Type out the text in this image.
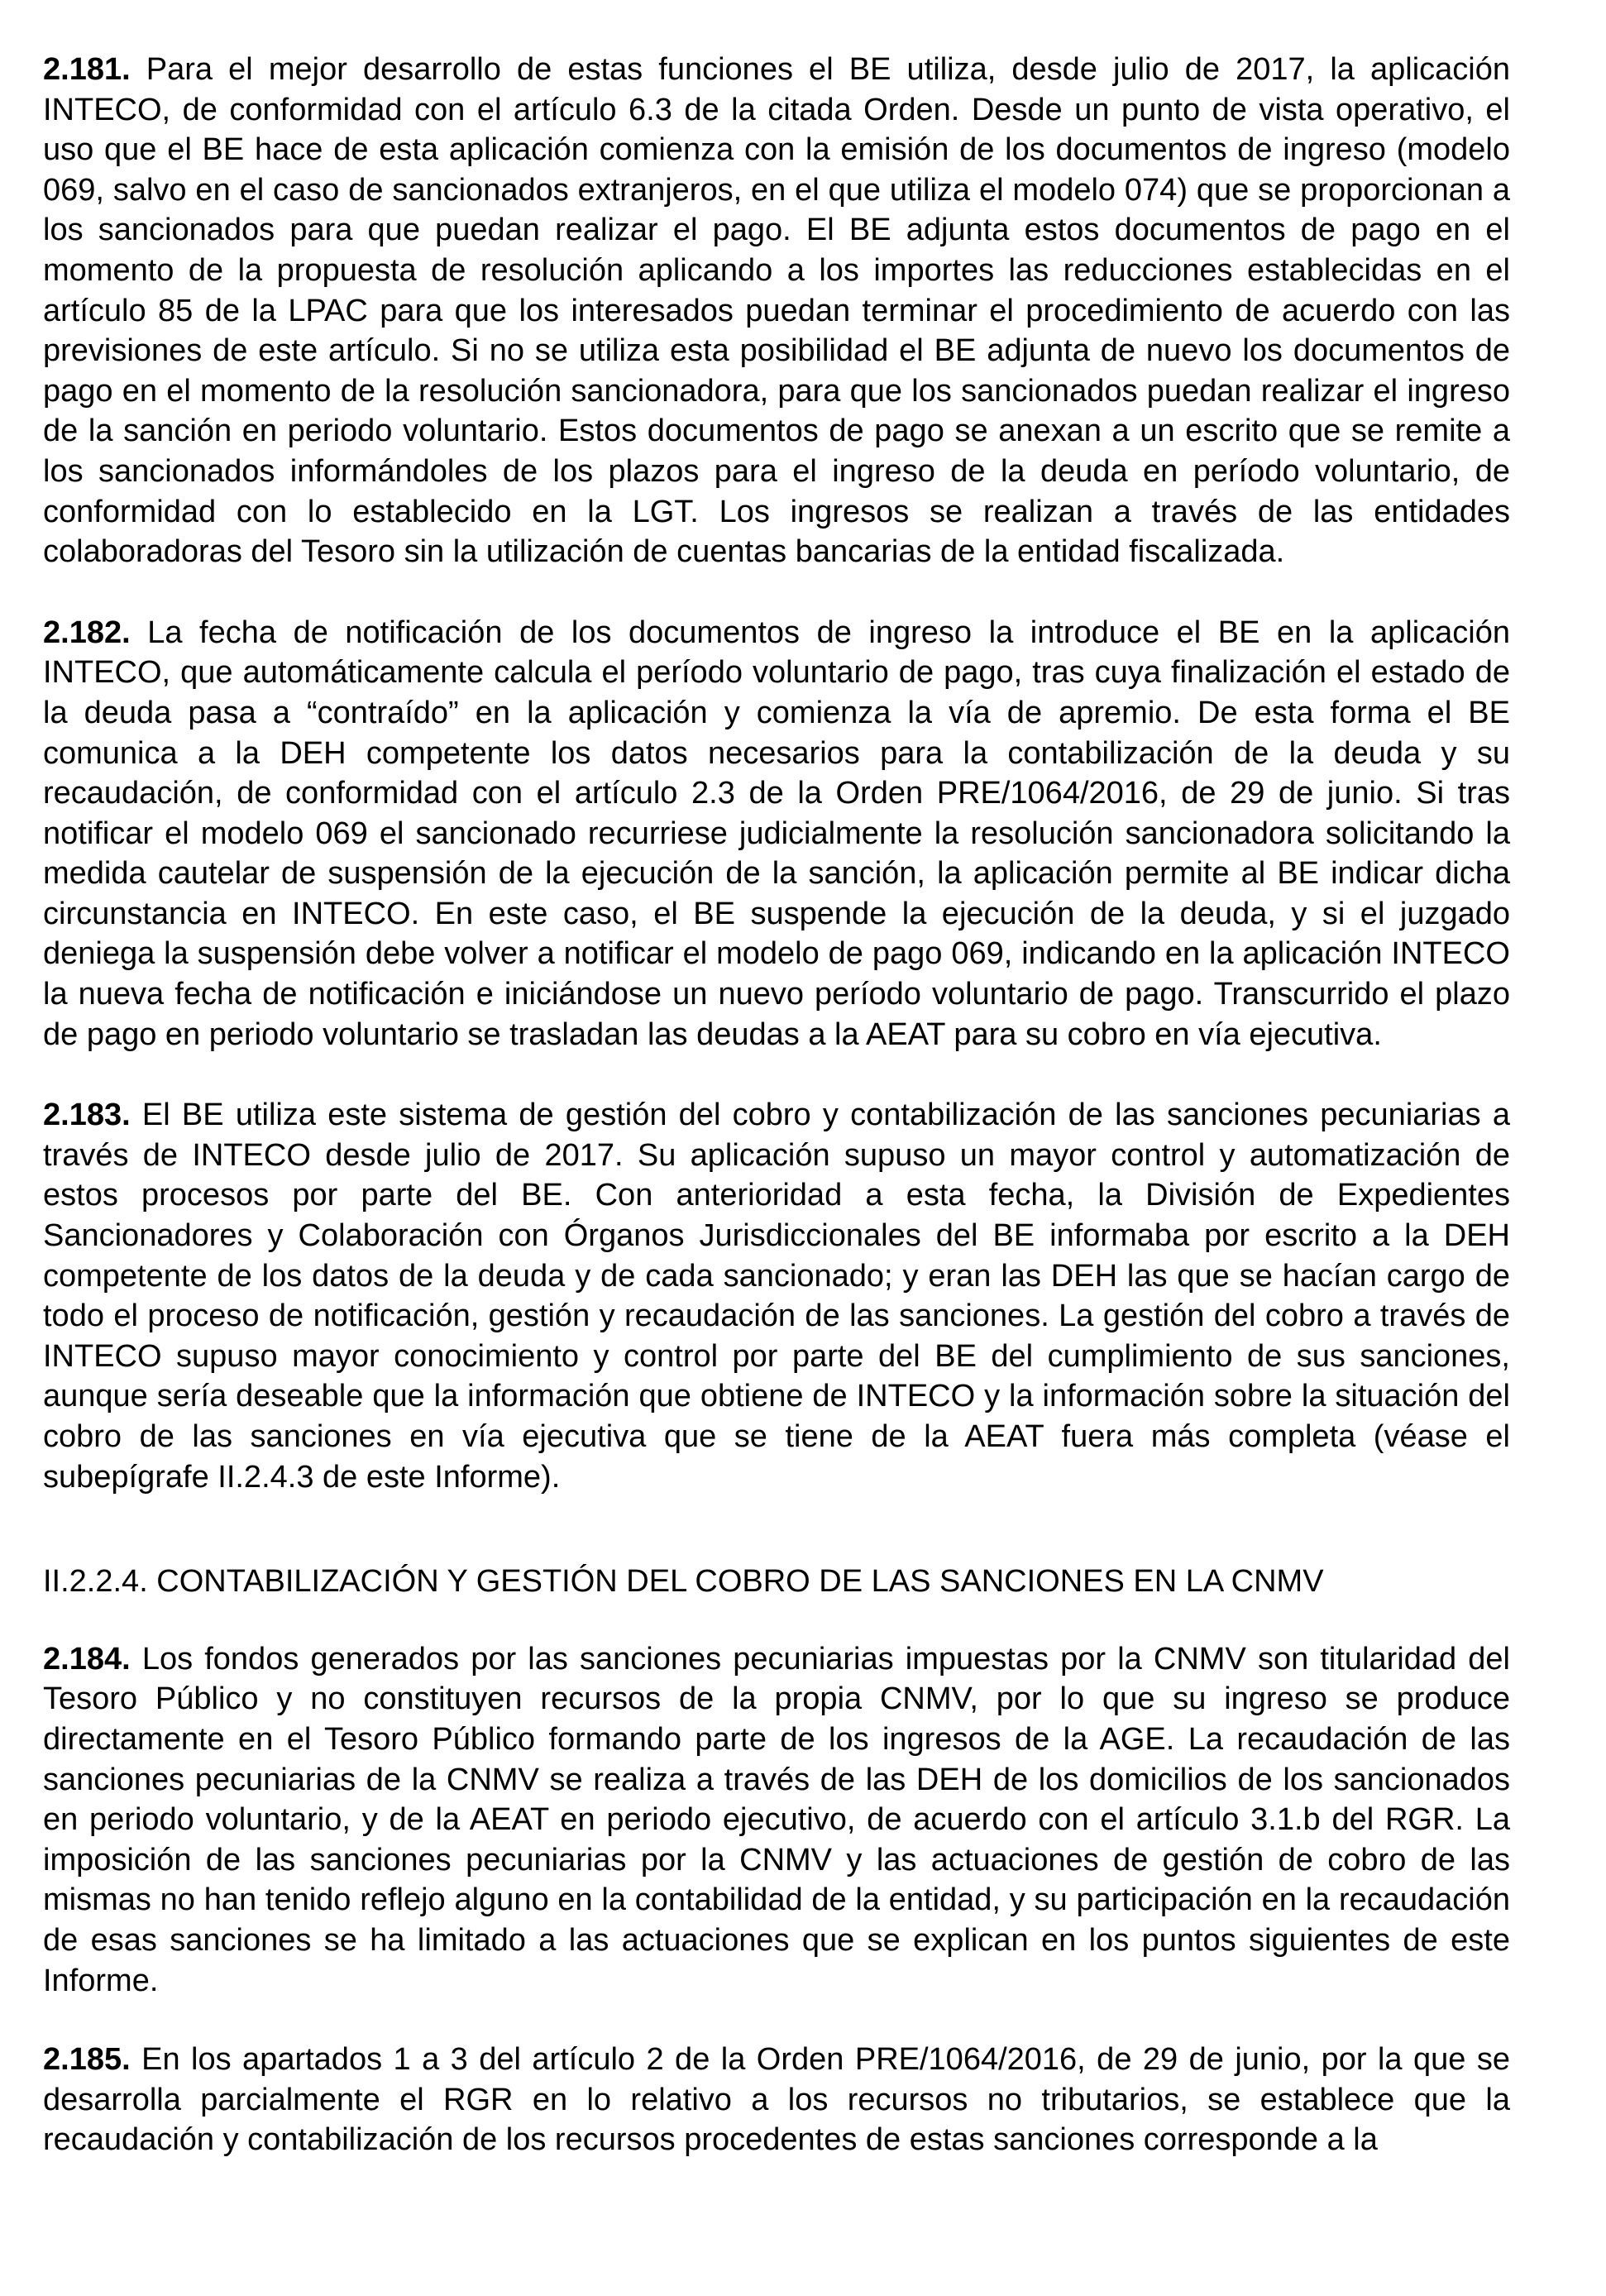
2.181. Para el mejor desarrollo de estas funciones el BE utiliza, desde julio de 2017, la aplicación INTECO, de conformidad con el artículo 6.3 de la citada Orden. Desde un punto de vista operativo, el uso que el BE hace de esta aplicación comienza con la emisión de los documentos de ingreso (modelo 069, salvo en el caso de sancionados extranjeros, en el que utiliza el modelo 074) que se proporcionan a los sancionados para que puedan realizar el pago. El BE adjunta estos documentos de pago en el momento de la propuesta de resolución aplicando a los importes las reducciones establecidas en el artículo 85 de la LPAC para que los interesados puedan terminar el procedimiento de acuerdo con las previsiones de este artículo. Si no se utiliza esta posibilidad el BE adjunta de nuevo los documentos de pago en el momento de la resolución sancionadora, para que los sancionados puedan realizar el ingreso de la sanción en periodo voluntario. Estos documentos de pago se anexan a un escrito que se remite a los sancionados informándoles de los plazos para el ingreso de la deuda en período voluntario, de conformidad con lo establecido en la LGT. Los ingresos se realizan a través de las entidades colaboradoras del Tesoro sin la utilización de cuentas bancarias de la entidad fiscalizada.

2.182. La fecha de notificación de los documentos de ingreso la introduce el BE en la aplicación INTECO, que automáticamente calcula el período voluntario de pago, tras cuya finalización el estado de la deuda pasa a “contraído” en la aplicación y comienza la vía de apremio. De esta forma el BE comunica a la DEH competente los datos necesarios para la contabilización de la deuda y su recaudación, de conformidad con el artículo 2.3 de la Orden PRE/1064/2016, de 29 de junio. Si tras notificar el modelo 069 el sancionado recurriese judicialmente la resolución sancionadora solicitando la medida cautelar de suspensión de la ejecución de la sanción, la aplicación permite al BE indicar dicha circunstancia en INTECO. En este caso, el BE suspende la ejecución de la deuda, y si el juzgado deniega la suspensión debe volver a notificar el modelo de pago 069, indicando en la aplicación INTECO la nueva fecha de notificación e iniciándose un nuevo período voluntario de pago. Transcurrido el plazo de pago en periodo voluntario se trasladan las deudas a la AEAT para su cobro en vía ejecutiva.

2.183. El BE utiliza este sistema de gestión del cobro y contabilización de las sanciones pecuniarias a través de INTECO desde julio de 2017. Su aplicación supuso un mayor control y automatización de estos procesos por parte del BE. Con anterioridad a esta fecha, la División de Expedientes Sancionadores y Colaboración con Órganos Jurisdiccionales del BE informaba por escrito a la DEH competente de los datos de la deuda y de cada sancionado; y eran las DEH las que se hacían cargo de todo el proceso de notificación, gestión y recaudación de las sanciones. La gestión del cobro a través de INTECO supuso mayor conocimiento y control por parte del BE del cumplimiento de sus sanciones, aunque sería deseable que la información que obtiene de INTECO y la información sobre la situación del cobro de las sanciones en vía ejecutiva que se tiene de la AEAT fuera más completa (véase el subepígrafe II.2.4.3 de este Informe).

II.2.2.4. CONTABILIZACIÓN Y GESTIÓN DEL COBRO DE LAS SANCIONES EN LA CNMV

2.184. Los fondos generados por las sanciones pecuniarias impuestas por la CNMV son titularidad del Tesoro Público y no constituyen recursos de la propia CNMV, por lo que su ingreso se produce directamente en el Tesoro Público formando parte de los ingresos de la AGE. La recaudación de las sanciones pecuniarias de la CNMV se realiza a través de las DEH de los domicilios de los sancionados en periodo voluntario, y de la AEAT en periodo ejecutivo, de acuerdo con el artículo 3.1.b del RGR. La imposición de las sanciones pecuniarias por la CNMV y las actuaciones de gestión de cobro de las mismas no han tenido reflejo alguno en la contabilidad de la entidad, y su participación en la recaudación de esas sanciones se ha limitado a las actuaciones que se explican en los puntos siguientes de este Informe.

2.185. En los apartados 1 a 3 del artículo 2 de la Orden PRE/1064/2016, de 29 de junio, por la que se desarrolla parcialmente el RGR en lo relativo a los recursos no tributarios, se establece que la recaudación y contabilización de los recursos procedentes de estas sanciones corresponde a la
